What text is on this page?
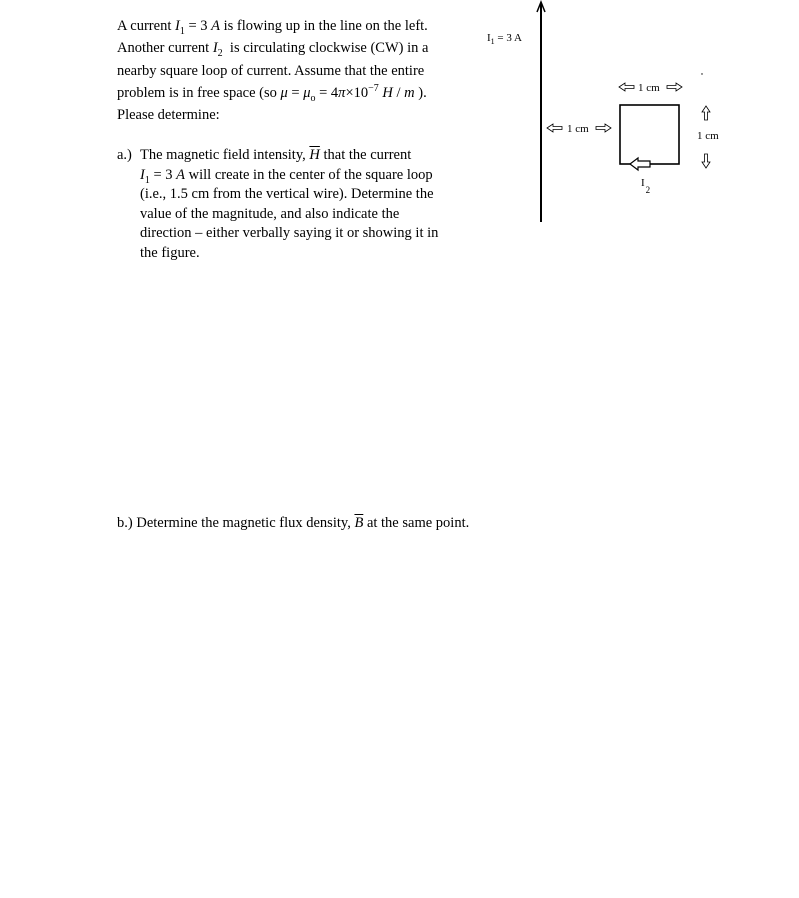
A current $I_1 = 3$ A is flowing up in the line on the left.

Another current $I_2$  is circulating clockwise (CW) in a

nearby square loop of current. Assume that the entire

problem is in free space (so $\mu = \mu_o = 4\pi\times 10^{-7}$ H / m ).

Please determine:

a.) The magnetic field intensity, $\overline{H}$ that the current
$I_1 = 3$ A will create in the center of the square loop
(i.e., 1.5 cm from the vertical wire). Determine the
value of the magnitude, and also indicate the
direction – either verbally saying it or showing it in
the figure.
b.) Determine the magnetic flux density, $\overline{B}$ at the same point.
$I_1 = 3$ A
1 cm
1 cm
$I_2$
1 cm
